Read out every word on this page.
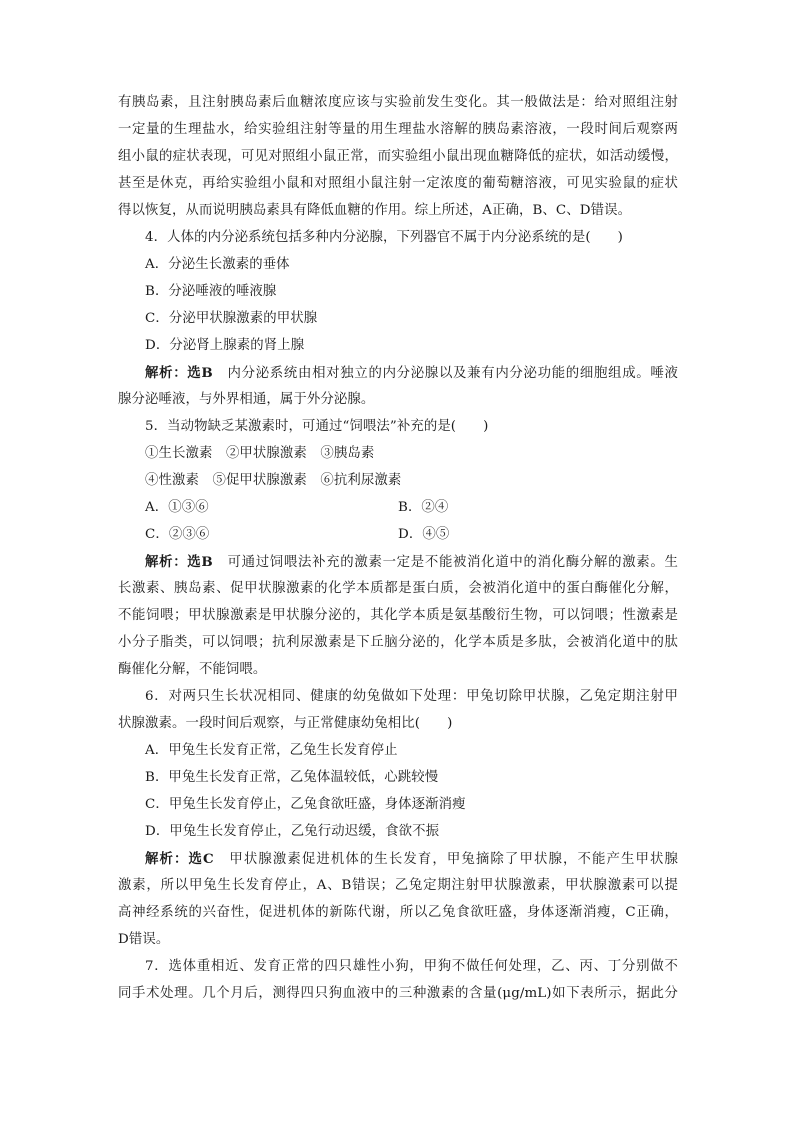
有胰岛素，且注射胰岛素后血糖浓度应该与实验前发生变化。其一般做法是：给对照组注射
一定量的生理盐水，给实验组注射等量的用生理盐水溶解的胰岛素溶液，一段时间后观察两
组小鼠的症状表现，可见对照组小鼠正常，而实验组小鼠出现血糖降低的症状，如活动缓慢，
甚至是休克，再给实验组小鼠和对照组小鼠注射一定浓度的葡萄糖溶液，可见实验鼠的症状
得以恢复，从而说明胰岛素具有降低血糖的作用。综上所述，A正确，B、C、D错误。
4．人体的内分泌系统包括多种内分泌腺，下列器官不属于内分泌系统的是(　　)
A．分泌生长激素的垂体
B．分泌唾液的唾液腺
C．分泌甲状腺激素的甲状腺
D．分泌肾上腺素的肾上腺
解析：选B　内分泌系统由相对独立的内分泌腺以及兼有内分泌功能的细胞组成。唾液
腺分泌唾液，与外界相通，属于外分泌腺。
5．当动物缺乏某激素时，可通过“饲喂法”补充的是(　　)
①生长激素　②甲状腺激素　③胰岛素
④性激素　⑤促甲状腺激素　⑥抗利尿激素
A．①③⑥	B．②④
C．②③⑥	D．④⑤
解析：选B　可通过饲喂法补充的激素一定是不能被消化道中的消化酶分解的激素。生
长激素、胰岛素、促甲状腺激素的化学本质都是蛋白质，会被消化道中的蛋白酶催化分解，
不能饲喂；甲状腺激素是甲状腺分泌的，其化学本质是氨基酸衍生物，可以饲喂；性激素是
小分子脂类，可以饲喂；抗利尿激素是下丘脑分泌的，化学本质是多肽，会被消化道中的肽
酶催化分解，不能饲喂。
6．对两只生长状况相同、健康的幼兔做如下处理：甲兔切除甲状腺，乙兔定期注射甲
状腺激素。一段时间后观察，与正常健康幼兔相比(　　)
A．甲兔生长发育正常，乙兔生长发育停止
B．甲兔生长发育正常，乙兔体温较低，心跳较慢
C．甲兔生长发育停止，乙兔食欲旺盛，身体逐渐消瘦
D．甲兔生长发育停止，乙兔行动迟缓，食欲不振
解析：选C　甲状腺激素促进机体的生长发育，甲兔摘除了甲状腺，不能产生甲状腺
激素，所以甲兔生长发育停止，A、B错误；乙兔定期注射甲状腺激素，甲状腺激素可以提
高神经系统的兴奋性，促进机体的新陈代谢，所以乙兔食欲旺盛，身体逐渐消瘦，C正确，
D错误。
7．选体重相近、发育正常的四只雄性小狗，甲狗不做任何处理，乙、丙、丁分别做不
同手术处理。几个月后，测得四只狗血液中的三种激素的含量(μg/mL)如下表所示，据此分
